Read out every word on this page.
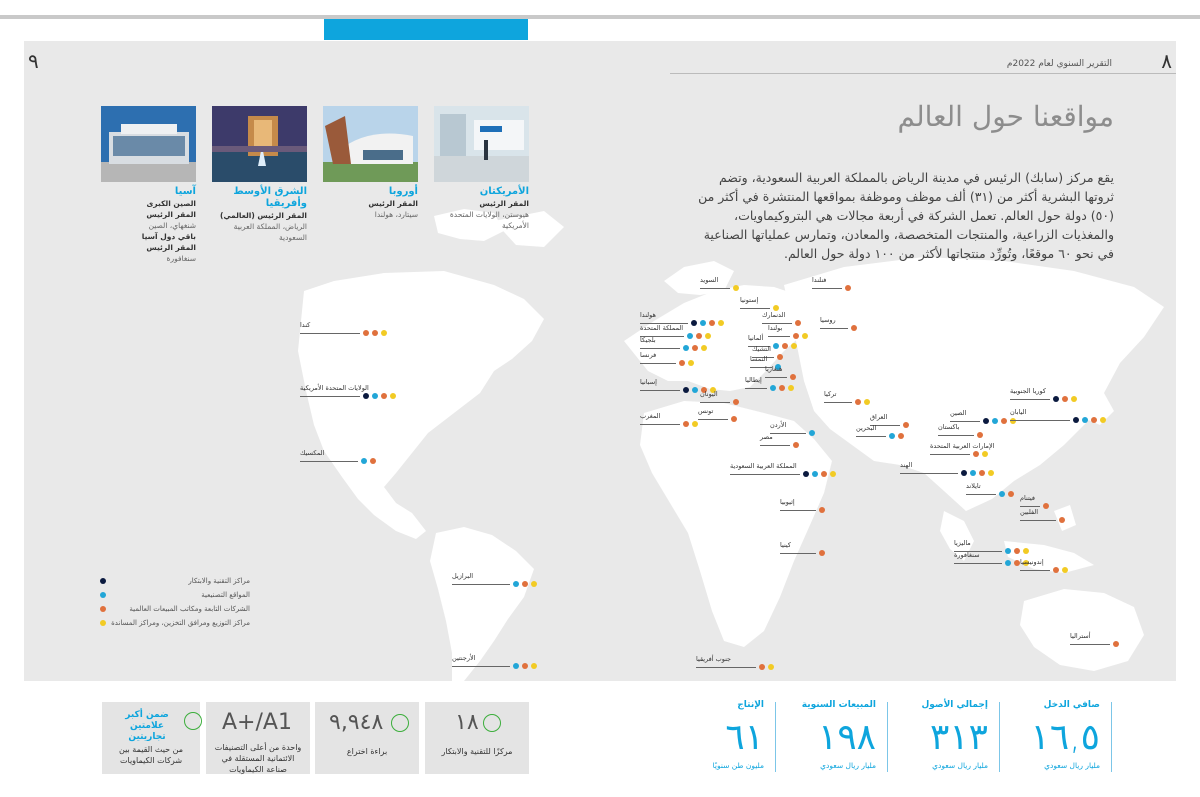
٩	٨
التقرير السنوي لعام 2022م
مواقعنا حول العالم
يقع مركز (سابك) الرئيس في مدينة الرياض بالمملكة العربية السعودية، وتضم ثروتها البشرية أكثر من (٣١) ألف موظف وموظفة بمواقعها المنتشرة في أكثر من (٥٠) دولة حول العالم. تعمل الشركة في أربعة مجالات هي البتروكيماويات، والمغذيات الزراعية، والمنتجات المتخصصة، والمعادن، وتمارس عملياتها الصناعية في نحو ٦٠ موقعًا، وتُورِّد منتجاتها لأكثر من ١٠٠ دولة حول العالم.
الأمريكتان
المقر الرئيس
هيوستن، الولايات المتحدة الأمريكية
أوروبا
المقر الرئيس
سيتارد، هولندا
الشرق الأوسط وأفريقيا
المقر الرئيس (العالمي)
الرياض، المملكة العربية السعودية
آسيا
الصين الكبرى
المقر الرئيس
شنغهاي، الصين
باقي دول آسيا
المقر الرئيس
سنغافورة
كندا
الولايات المتحدة الأمريكية
المكسيك
البرازيل
الأرجنتين
السويد	فنلندا
إستونيا
الدنمارك
هولندا
المملكة المتحدة
بلجيكا
فرنسا
إسبانيا
المغرب
بولندا
ألمانيا
التشيك
النمسا
هنغاريا
إيطاليا
اليونان
تونس
تركيا
روسيا
الأردن
مصر
العراق
البحرين	باكستان
الإمارات العربية المتحدة
المملكة العربية السعودية	الهند
الصين
كوريا الجنوبية
اليابان
تايلاند
فيتنام
الفلبين
ماليزيا
سنغافورة
إندونيسيا
إثيوبيا
كينيا
جنوب أفريقيا
أستراليا
مراكز التقنية والابتكار
المواقع التصنيعية
الشركات التابعة ومكاتب المبيعات العالمية
مراكز التوزيع ومرافق التخزين، ومراكز المساندة
١٨
مركزًا للتقنية والابتكار
٩,٩٤٨
براءة اختراع
A+/A1
واحدة من أعلى التصنيفات الائتمانية المستقلة في صناعة الكيماويات
ضمن أكبر علامتين تجاريتين
من حيث القيمة بين شركات الكيماويات
صافي الدخل
١٦,٥
مليار ريال سعودي
إجمالي الأصول
٣١٣
مليار ريال سعودي
المبيعات السنوية
١٩٨
مليار ريال سعودي
الإنتاج
٦١
مليون طن سنويًا
